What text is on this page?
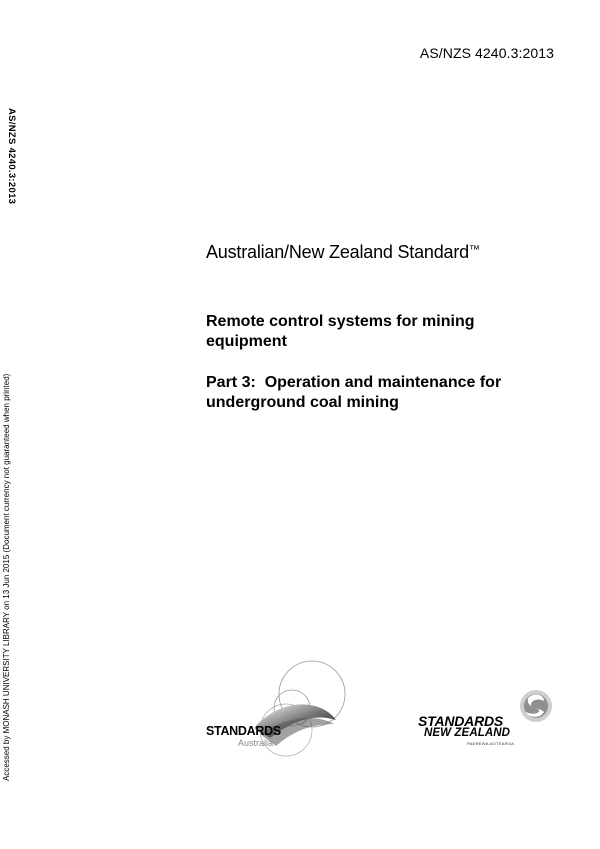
AS/NZS 4240.3:2013
AS/NZS 4240.3:2013
Accessed by MONASH UNIVERSITY LIBRARY on 13 Jun 2015 (Document currency not guaranteed when printed)
Australian/New Zealand Standard™
Remote control systems for mining equipment
Part 3:  Operation and maintenance for underground coal mining
STANDARDS
Australia
STANDARDS
NEW ZEALAND
PAEREWA AOTEAROA
